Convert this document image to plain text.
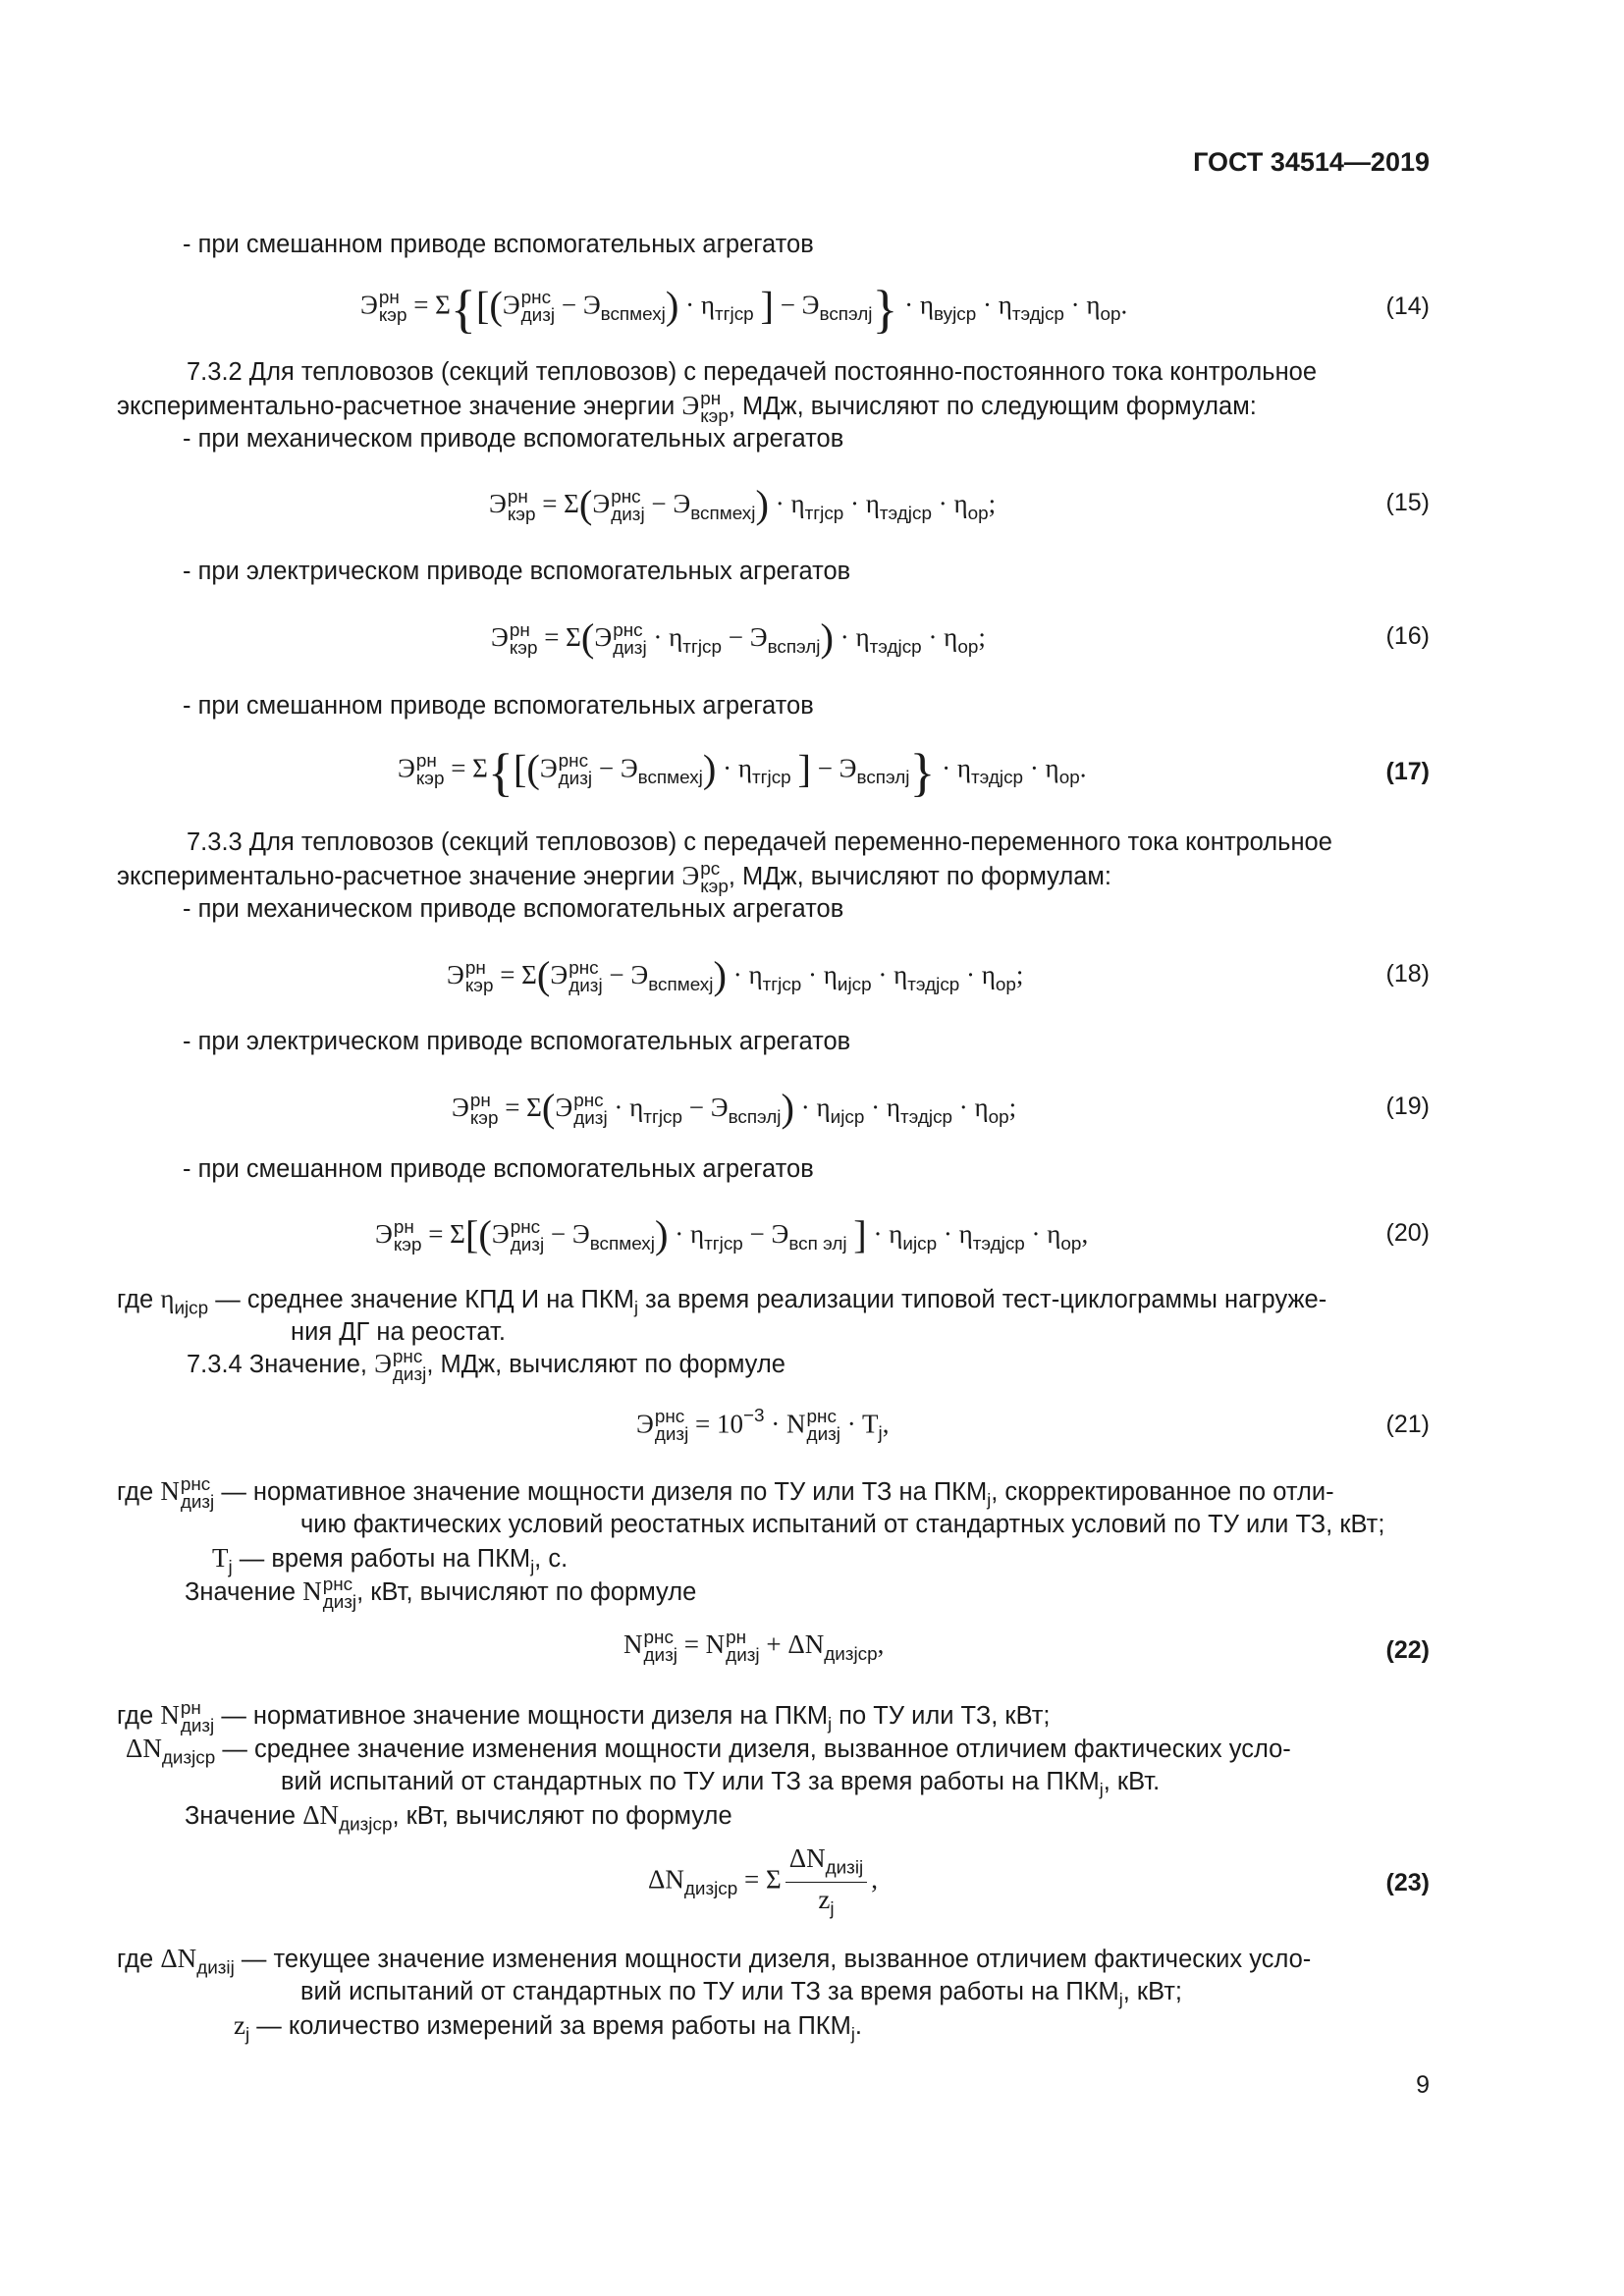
ГОСТ 34514—2019
- при смешанном приводе вспомогательных агрегатов
Э рн
кэр = Σ{[(Э рнс
дизj − $Э_{вспмехj}) \cdot \eta_{тгjср}$ ] − $Э_{вспэлj}\} \cdot \eta_{вуjср} \cdot \eta_{тэдjср} \cdot \eta_{ор}$.	(14)
7.3.2 Для тепловозов (секций тепловозов) с передачей постоянно-постоянного тока контрольное
экспериментально-расчетное значение энергии Э рн
кэр , МДж, вычисляют по следующим формулам:
- при механическом приводе вспомогательных агрегатов
Э рн
кэр = Σ(Э рнс
дизj − $Э_{вспмехj}) \cdot \eta_{тгjср} \cdot \eta_{тэдjср} \cdot \eta_{ор}$;	(15)
- при электрическом приводе вспомогательных агрегатов
Э рн
кэр = Σ(Э рнс
дизj · $\eta_{тгjср} - Э_{вспэлj}) \cdot \eta_{тэдjср} \cdot \eta_{ор}$;	(16)
- при смешанном приводе вспомогательных агрегатов
Э рн
кэр = Σ{[(Э рнс
дизj − $Э_{вспмехj}) \cdot \eta_{тгjср}$ ] − $Э_{вспэлj}\} \cdot \eta_{тэдjср} \cdot \eta_{ор}$.	(17)
7.3.3 Для тепловозов (секций тепловозов) с передачей переменно-переменного тока контрольное
экспериментально-расчетное значение энергии Э рс
кэр , МДж, вычисляют по формулам:
- при механическом приводе вспомогательных агрегатов
Э рн
кэр = Σ(Э рнс
дизj − $Э_{вспмехj}) \cdot \eta_{тгjср} \cdot \eta_{иjср} \cdot \eta_{тэдjср} \cdot \eta_{ор}$;	(18)
- при электрическом приводе вспомогательных агрегатов
Э рн
кэр = Σ(Э рнс
дизj · $\eta_{тгjср} - Э_{вспэлj}) \cdot \eta_{иjср} \cdot \eta_{тэдjср} \cdot \eta_{ор}$;	(19)
- при смешанном приводе вспомогательных агрегатов
Э рн
кэр = Σ[(Э рнс
дизj − $Э_{вспмехj}) \cdot \eta_{тгjср} - Э_{всп элj}$ ] · $\eta_{иjср} \cdot \eta_{тэдjср} \cdot \eta_{ор}$,	(20)
где $\eta_{иjср}$ — среднее значение КПД И на $ПКМ_j$ за время реализации типовой тест-циклограммы нагруже-
ния ДГ на реостат.
7.3.4 Значение, Э рнс
дизj , МДж, вычисляют по формуле
Э рнс
дизj = $10^{-3} \cdot N$ рнс
дизj · $T_j$,	(21)
где N рнс
дизj — нормативное значение мощности дизеля по ТУ или ТЗ на $ПКМ_j$, скорректированное по отли-
чию фактических условий реостатных испытаний от стандартных условий по ТУ или ТЗ, кВт;
$T_j$ — время работы на $ПКМ_j$, с.
Значение N рнс
дизj , кВт, вычисляют по формуле
N рнс
дизj = N рн
дизj + $\Delta N_{дизjср}$,	(22)
где N рн
дизj — нормативное значение мощности дизеля на $ПКМ_j$ по ТУ или ТЗ, кВт;
$\Delta N_{дизjср}$ — среднее значение изменения мощности дизеля, вызванное отличием фактических усло-
вий испытаний от стандартных по ТУ или ТЗ за время работы на $ПКМ_j$, кВт.
Значение $\Delta N_{дизjср}$, кВт, вычисляют по формуле
$\Delta N_{дизjср} = \Sigma \frac{\Delta N_{дизij}}{z_j}$ ,	(23)
где $\Delta N_{дизij}$ — текущее значение изменения мощности дизеля, вызванное отличием фактических усло-
вий испытаний от стандартных по ТУ или ТЗ за время работы на $ПКМ_j$, кВт;
$z_j$ — количество измерений за время работы на $ПКМ_j$.
9
